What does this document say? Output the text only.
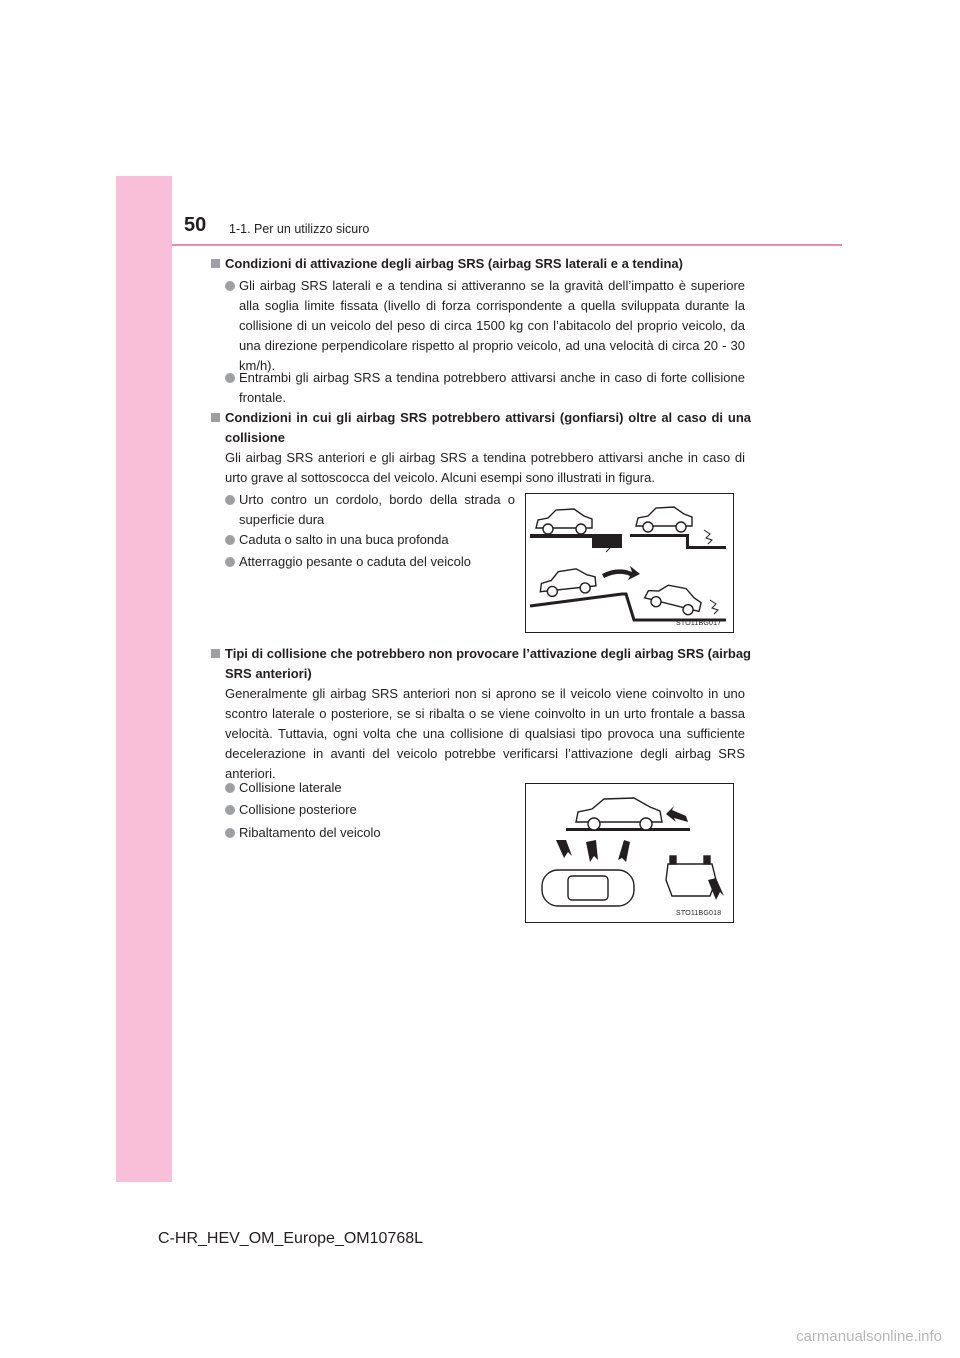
50 1-1. Per un utilizzo sicuro
Condizioni di attivazione degli airbag SRS (airbag SRS laterali e a tendina)
Gli airbag SRS laterali e a tendina si attiveranno se la gravità dell’impatto è superiore alla soglia limite fissata (livello di forza corrispondente a quella sviluppata durante la collisione di un veicolo del peso di circa 1500 kg con l’abitacolo del proprio veicolo, da una direzione perpendicolare rispetto al proprio veicolo, ad una velocità di circa 20 - 30 km/h).
Entrambi gli airbag SRS a tendina potrebbero attivarsi anche in caso di forte collisione frontale.
Condizioni in cui gli airbag SRS potrebbero attivarsi (gonfiarsi) oltre al caso di una collisione
Gli airbag SRS anteriori e gli airbag SRS a tendina potrebbero attivarsi anche in caso di urto grave al sottoscocca del veicolo. Alcuni esempi sono illustrati in figura.
Urto contro un cordolo, bordo della strada o superficie dura
Caduta o salto in una buca profonda
Atterraggio pesante o caduta del veicolo
STO11BG017
Tipi di collisione che potrebbero non provocare l’attivazione degli airbag SRS (airbag SRS anteriori)
Generalmente gli airbag SRS anteriori non si aprono se il veicolo viene coinvolto in uno scontro laterale o posteriore, se si ribalta o se viene coinvolto in un urto frontale a bassa velocità. Tuttavia, ogni volta che una collisione di qualsiasi tipo provoca una sufficiente decelerazione in avanti del veicolo potrebbe verificarsi l’attivazione degli airbag SRS anteriori.
Collisione laterale
Collisione posteriore
Ribaltamento del veicolo
STO11BG018
C-HR_HEV_OM_Europe_OM10768L
carmanualsonline.info
